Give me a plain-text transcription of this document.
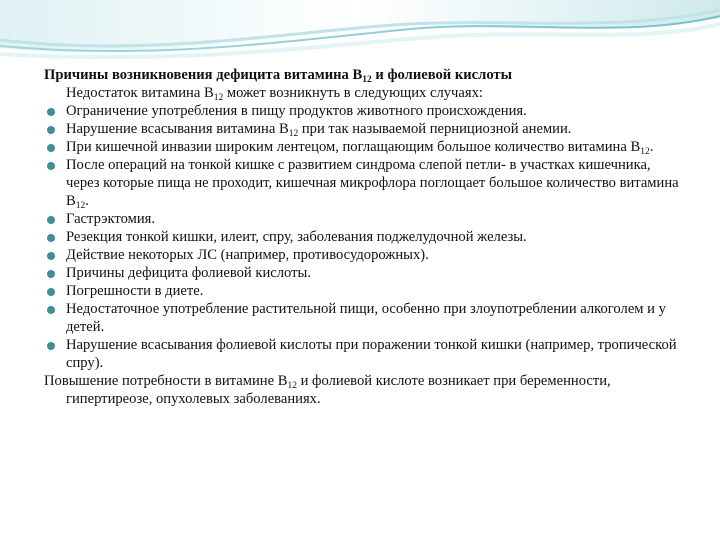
Причины возникновения дефицита витамина $В_{12}$ и фолиевой кислоты

Недостаток витамина $В_{12}$ может возникнуть в следующих случаях:

Ограничение употребления в пищу продуктов животного происхождения.
Нарушение всасывания витамина $В_{12}$ при так называемой пернициозной анемии.
При кишечной инвазии широким лентецом, поглащающим большое количество витамина $В_{12}$.
После операций на тонкой кишке с развитием синдрома слепой петли- в участках кишечника, через которые пища не проходит, кишечная микрофлора поглощает большое количество витамина $В_{12}$.
Гастрэктомия.
Резекция тонкой кишки, илеит, спру, заболевания поджелудочной железы.
Действие некоторых ЛС (например, противосудорожных).
Причины дефицита фолиевой кислоты.
Погрешности в диете.
Недостаточное употребление растительной пищи, особенно при злоупотреблении алкоголем и у детей.
Нарушение всасывания фолиевой кислоты при поражении тонкой кишки (например, тропической спру).

Повышение потребности в витамине $В_{12}$ и фолиевой кислоте возникает при беременности, гипертиреозе, опухолевых заболеваниях.
